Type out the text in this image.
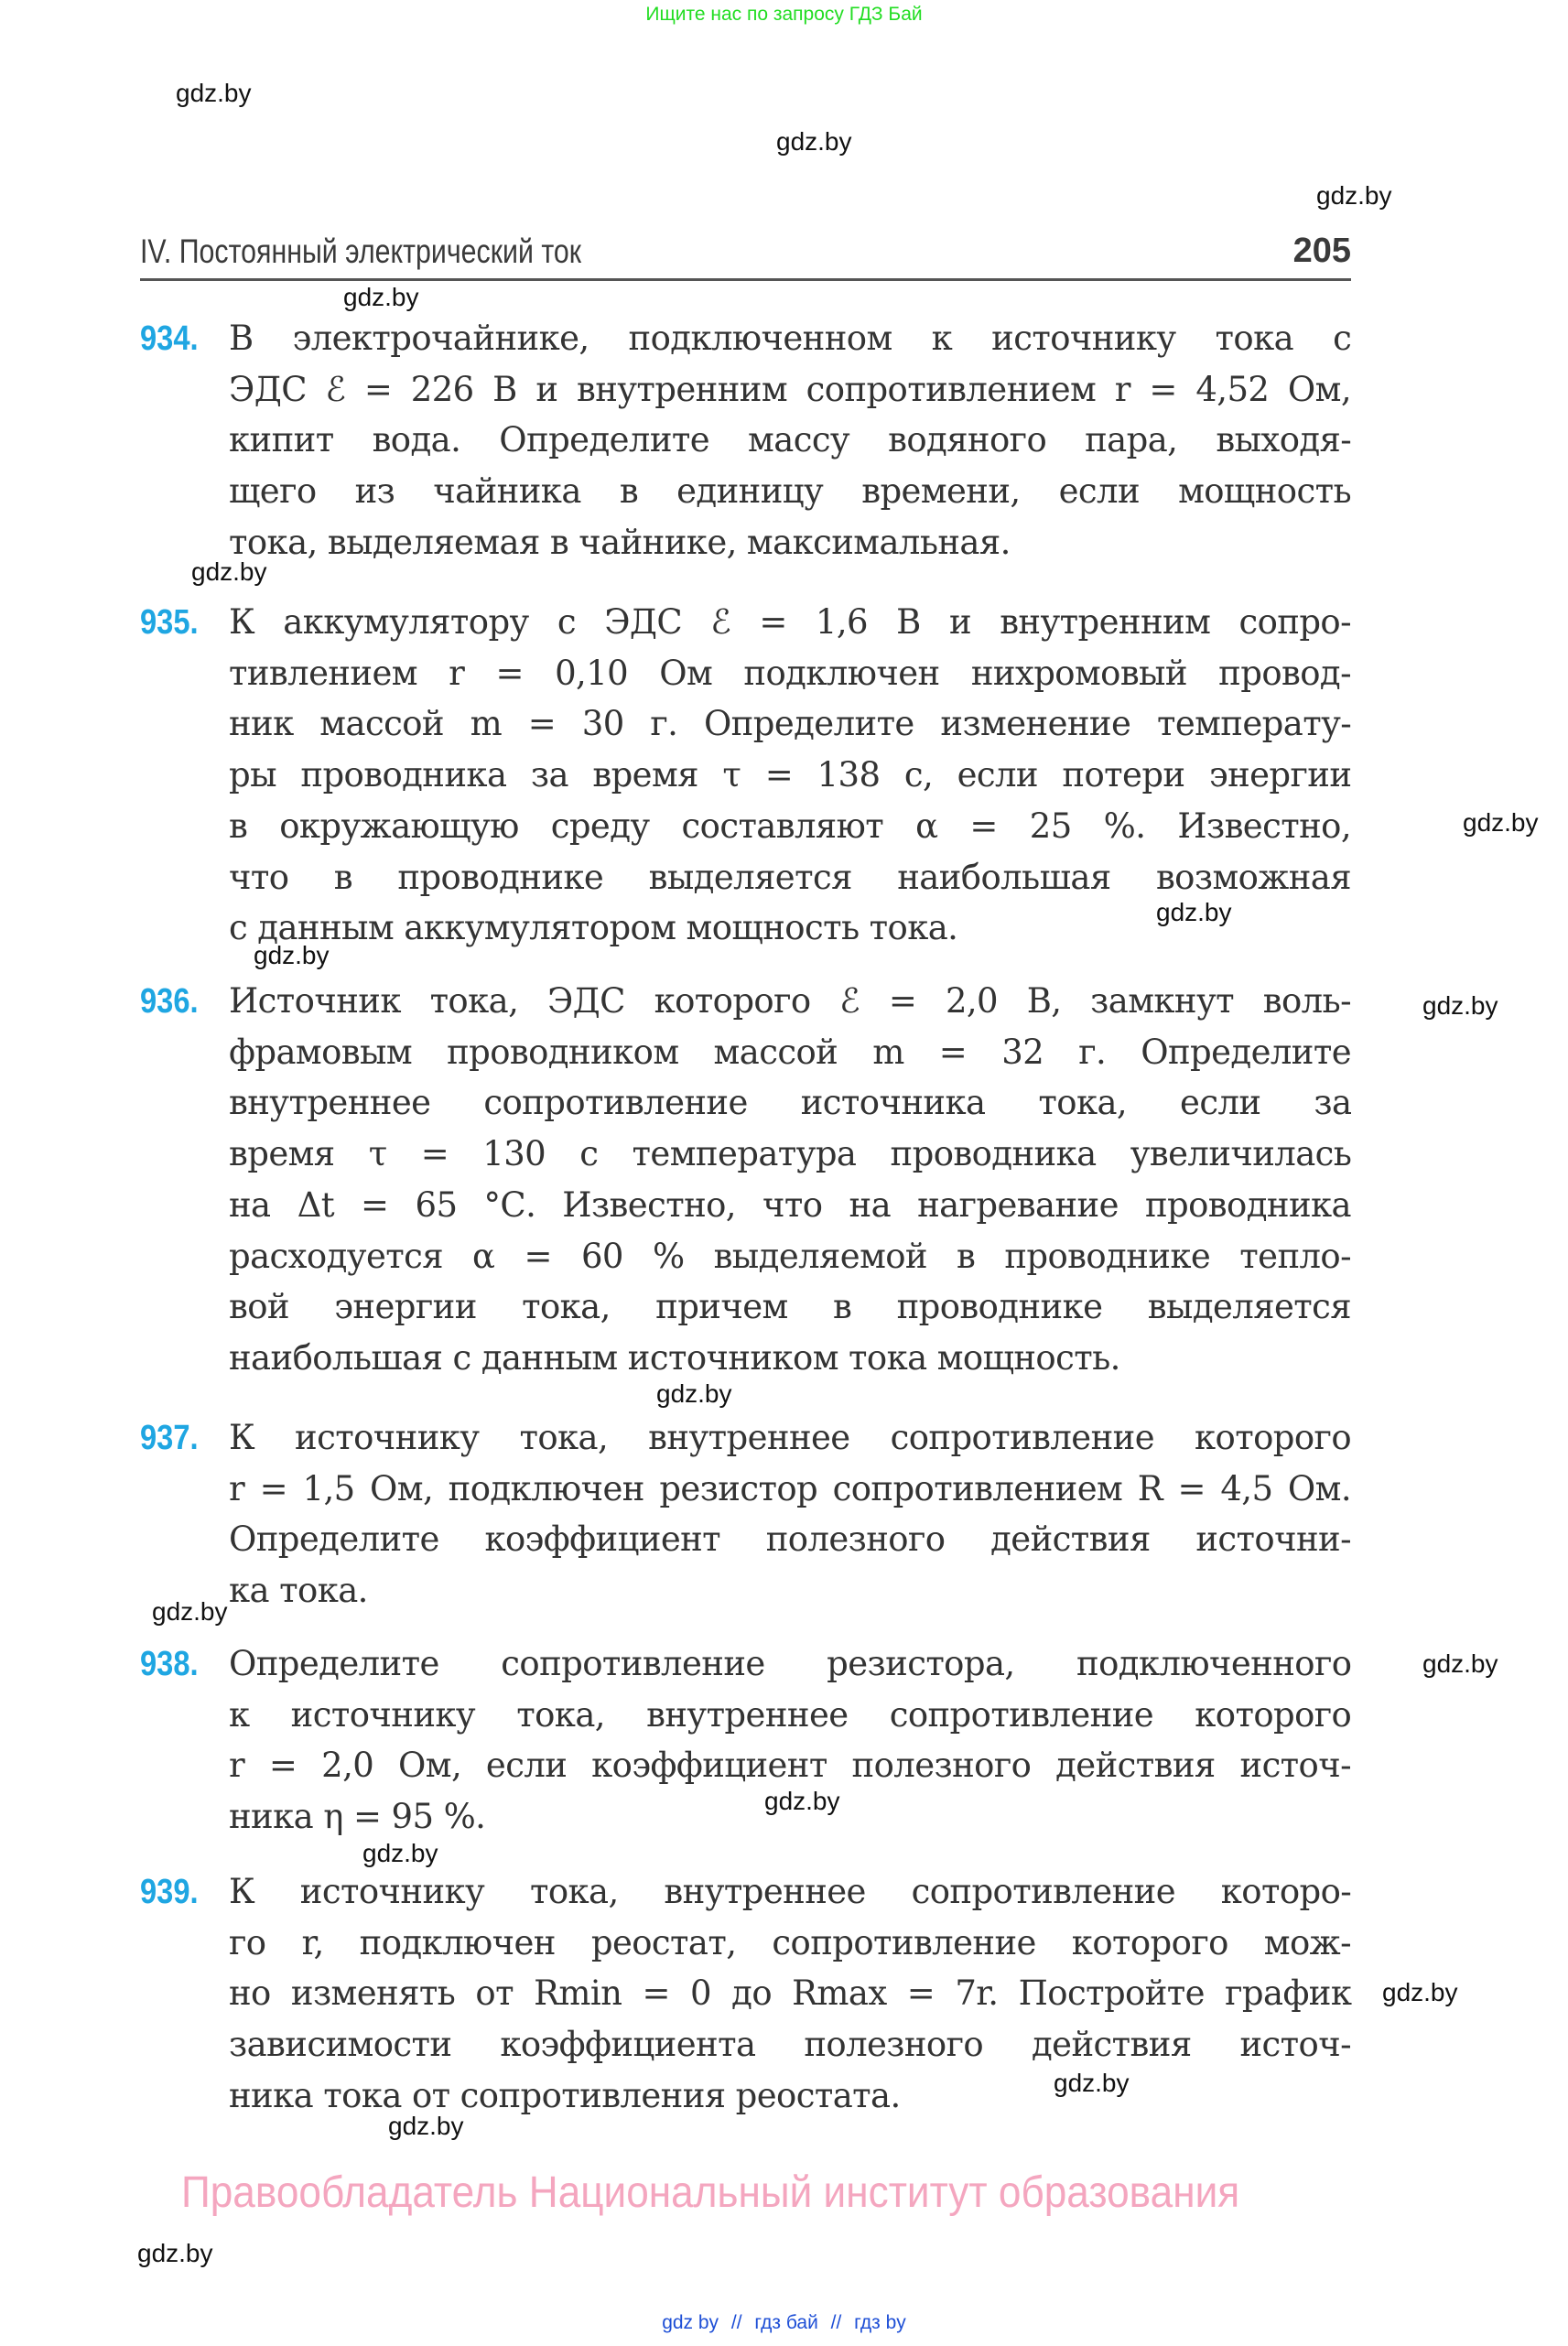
Ищите нас по запросу ГДЗ Бай
IV. Постоянный электрический ток	205
934. В электрочайнике, подключенном к источнику тока с
ЭДС ℰ = 226 В и внутренним сопротивлением r = 4,52 Ом,
кипит вода. Определите массу водяного пара, выходя-
щего из чайника в единицу времени, если мощность
тока, выделяемая в чайнике, максимальная.
935. К аккумулятору с ЭДС ℰ = 1,6 В и внутренним сопро-
тивлением r = 0,10 Ом подключен нихромовый провод-
ник массой m = 30 г. Определите изменение температу-
ры проводника за время τ = 138 с, если потери энергии
в окружающую среду составляют α = 25 %. Известно,
что в проводнике выделяется наибольшая возможная
с данным аккумулятором мощность тока.
936. Источник тока, ЭДС которого ℰ = 2,0 В, замкнут воль-
фрамовым проводником массой m = 32 г. Определите
внутреннее сопротивление источника тока, если за
время τ = 130 с температура проводника увеличилась
на Δt = 65 °С. Известно, что на нагревание проводника
расходуется α = 60 % выделяемой в проводнике тепло-
вой энергии тока, причем в проводнике выделяется
наибольшая с данным источником тока мощность.
937. К источнику тока, внутреннее сопротивление которого
r = 1,5 Ом, подключен резистор сопротивлением R = 4,5 Ом.
Определите коэффициент полезного действия источни-
ка тока.
938. Определите сопротивление резистора, подключенного
к источнику тока, внутреннее сопротивление которого
r = 2,0 Ом, если коэффициент полезного действия источ-
ника η = 95 %.
939. К источнику тока, внутреннее сопротивление которо-
го r, подключен реостат, сопротивление которого мож-
но изменять от Rmin = 0 до Rmax = 7r. Постройте график
зависимости коэффициента полезного действия источ-
ника тока от сопротивления реостата.
gdz.by
gdz.by
gdz.by
gdz.by
gdz.by
gdz.by
gdz.by
gdz.by
gdz.by
gdz.by
gdz.by
gdz.by
gdz.by
gdz.by
gdz.by
gdz.by
gdz.by
gdz.by
Правообладатель Национальный институт образования
gdz by // гдз бай // гдз by
